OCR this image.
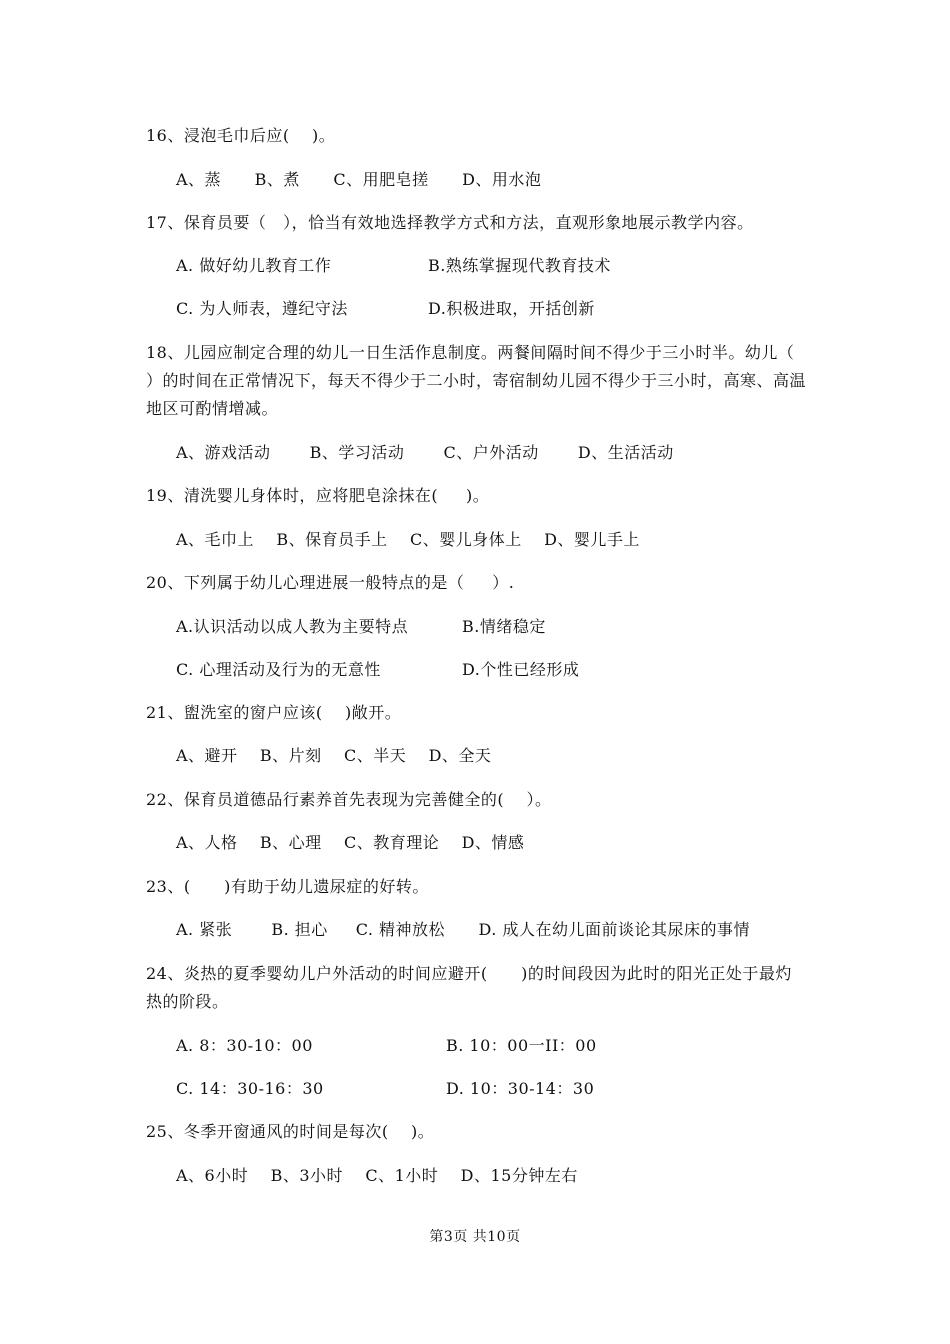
16、浸泡毛巾后应(    )。
A、蒸      B、煮      C、用肥皂搓      D、用水泡
17、保育员要（   ），恰当有效地选择教学方式和方法，直观形象地展示教学内容。
A. 做好幼儿教育工作	B.熟练掌握现代教育技术
C. 为人师表，遵纪守法	D.积极进取，开括创新
18、儿园应制定合理的幼儿一日生活作息制度。两餐间隔时间不得少于三小时半。幼儿（
）的时间在正常情况下，每天不得少于二小时，寄宿制幼儿园不得少于三小时，高寒、高温
地区可酌情增减。
A、游戏活动       B、学习活动       C、户外活动       D、生活活动
19、清洗婴儿身体时，应将肥皂涂抹在(     )。
A、毛巾上    B、保育员手上    C、婴儿身体上    D、婴儿手上
20、下列属于幼儿心理进展一般特点的是（     ）.
A.认识活动以成人教为主要特点	B.情绪稳定
C. 心理活动及行为的无意性	D.个性已经形成
21、盥洗室的窗户应该(    )敞开。
A、避开    B、片刻    C、半天    D、全天
22、保育员道德品行素养首先表现为完善健全的(    ）。
A、人格    B、心理    C、教育理论    D、情感
23、(      )有助于幼儿遗尿症的好转。
A. 紧张       B. 担心     C. 精神放松      D. 成人在幼儿面前谈论其尿床的事情
24、炎热的夏季婴幼儿户外活动的时间应避开(      )的时间段因为此时的阳光正处于最灼
热的阶段。
A. 8：30-10：00	B. 10：00一II：00
C. 14：30-16：30	D. 10：30-14：30
25、冬季开窗通风的时间是每次(    )。
A、6小时    B、3小时    C、1小时    D、15分钟左右
第3页 共10页
